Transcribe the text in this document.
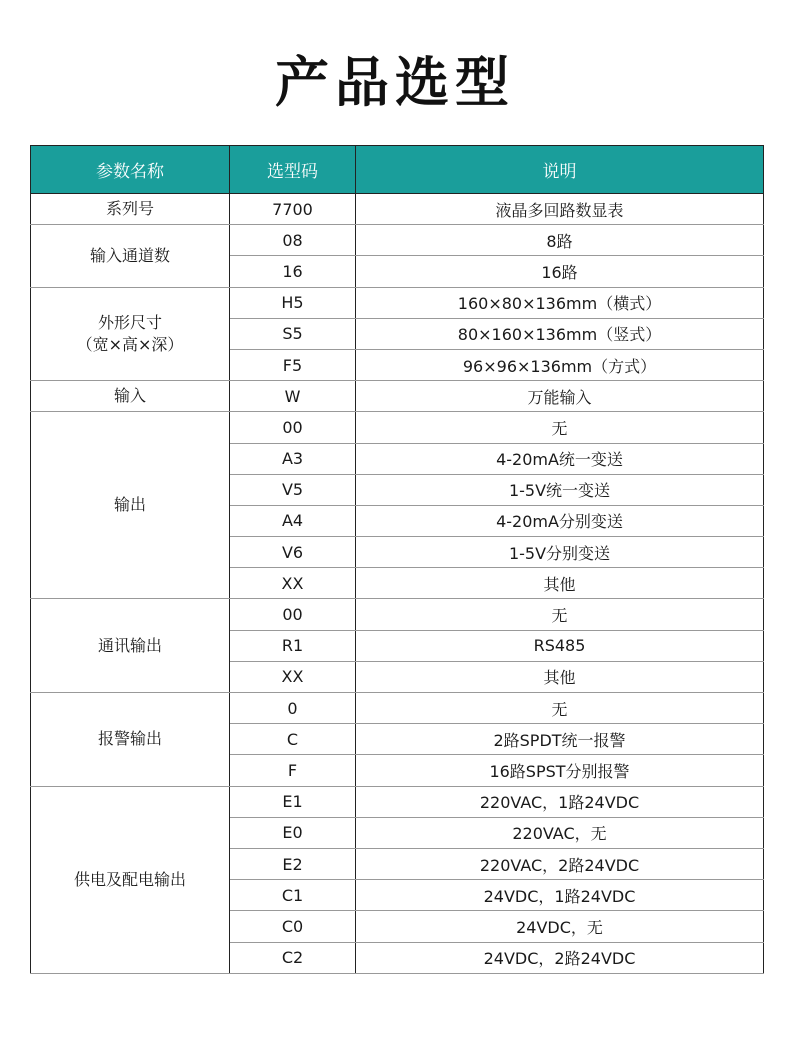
产品选型
参数名称	选型码	说明
系列号	7700	液晶多回路数显表
输入通道数	08	8路
	16	16路
外形尺寸
（宽×高×深）	H5	160×80×136mm（横式）
	S5	80×160×136mm（竖式）
	F5	96×96×136mm（方式）
输入	W	万能输入
输出	00	无
	A3	4-20mA统一变送
	V5	1-5V统一变送
	A4	4-20mA分别变送
	V6	1-5V分别变送
	XX	其他
通讯输出	00	无
	R1	RS485
	XX	其他
报警输出	0	无
	C	2路SPDT统一报警
	F	16路SPST分别报警
供电及配电输出	E1	220VAC，1路24VDC
	E0	220VAC，无
	E2	220VAC，2路24VDC
	C1	24VDC，1路24VDC
	C0	24VDC，无
	C2	24VDC，2路24VDC
